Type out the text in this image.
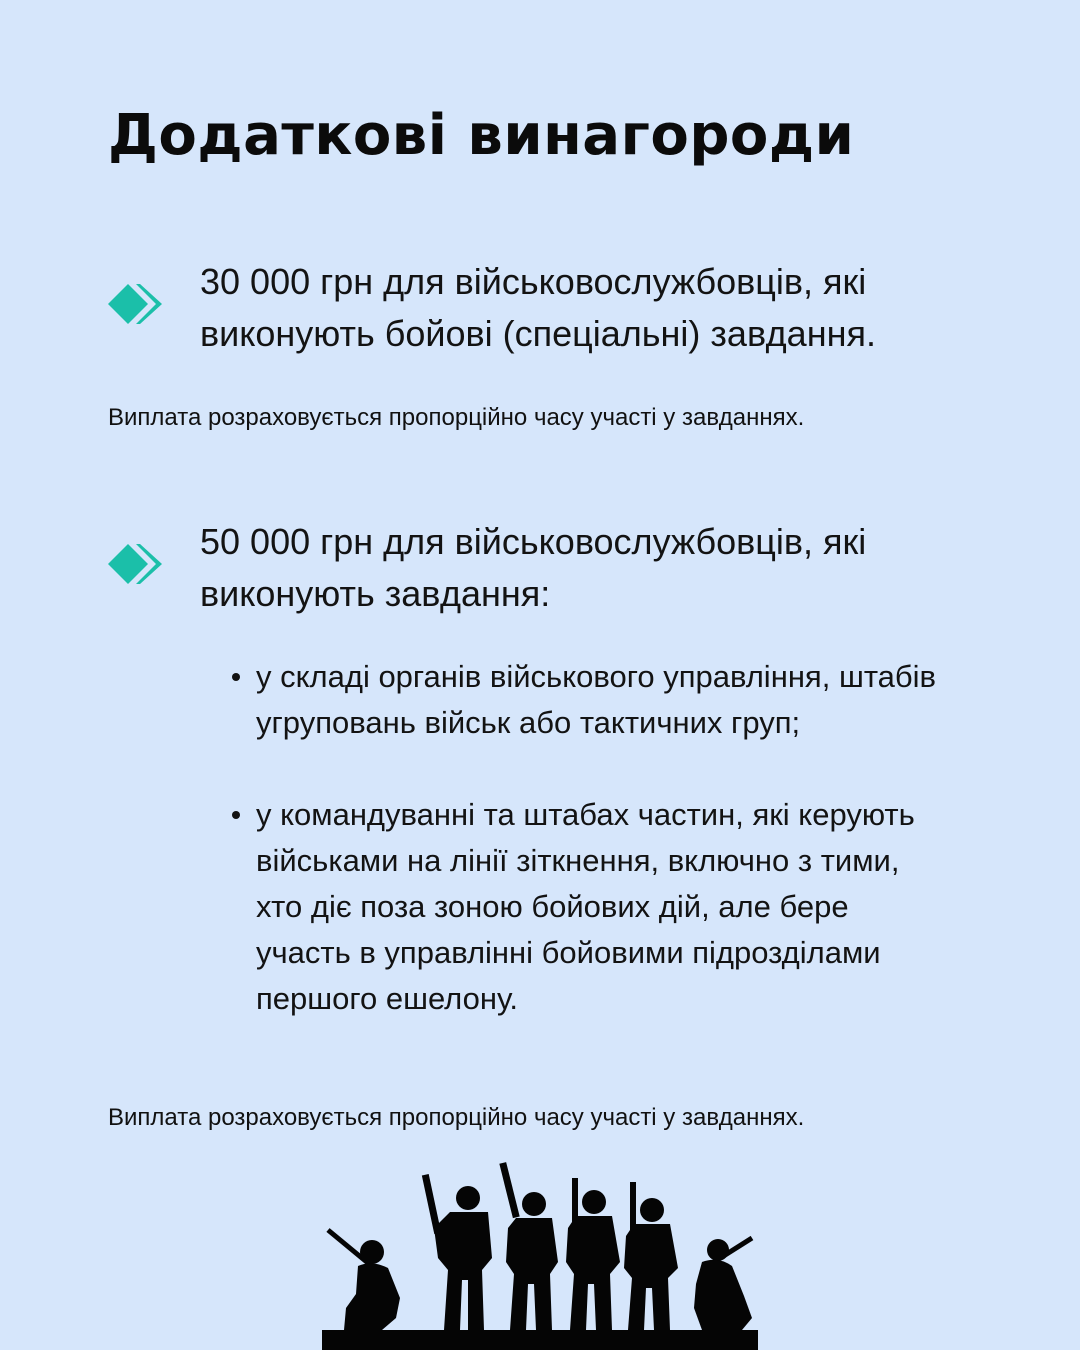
Додаткові винагороди
30 000 грн для військовослужбовців, які виконують бойові (спеціальні) завдання.
Виплата розраховується пропорційно часу участі у завданнях.
50 000 грн для військовослужбовців, які виконують завдання:
у складі органів військового управління, штабів угруповань військ або тактичних груп;
у командуванні та штабах частин, які керують військами на лінії зіткнення, включно з тими, хто діє поза зоною бойових дій, але бере участь в управлінні бойовими підрозділами першого ешелону.
Виплата розраховується пропорційно часу участі у завданнях.
